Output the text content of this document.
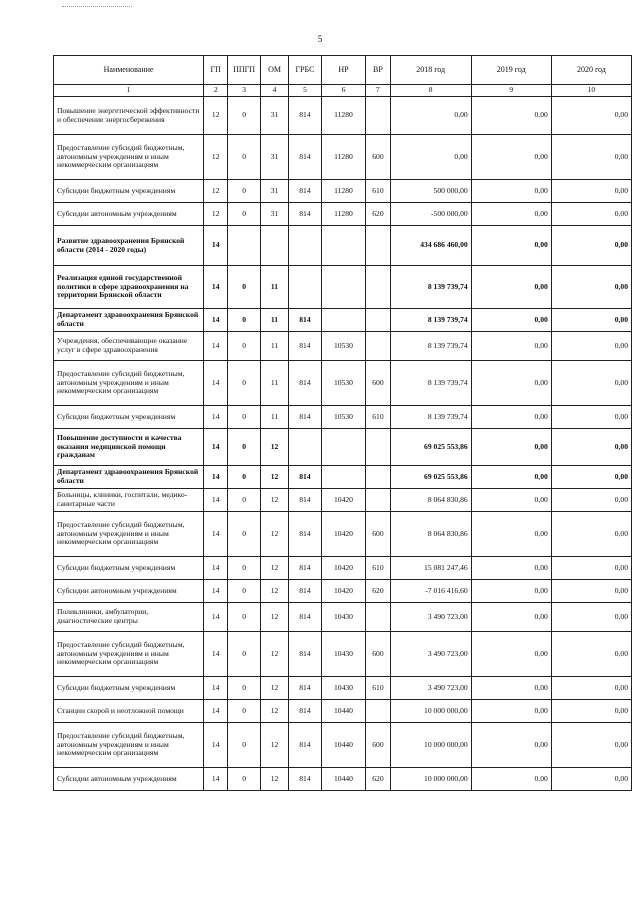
5
Наименование	ГП	ППГП	ОМ	ГРБС	НР	ВР	2018 год	2019 год	2020 год
1	2	3	4	5	6	7	8	9	10
Повышение энергетической эффективности и обеспечение энергосбережения	12	0	31	814	11280		0,00	0,00	0,00
Предоставление субсидий бюджетным, автономным учреждениям и иным некоммерческим организациям	12	0	31	814	11280	600	0,00	0,00	0,00
Субсидии бюджетным учреждениям	12	0	31	814	11280	610	500 000,00	0,00	0,00
Субсидии автономным учреждениям	12	0	31	814	11280	620	-500 000,00	0,00	0,00
Развитие здравоохранения Брянской области (2014 - 2020 годы)	14						434 686 460,00	0,00	0,00
Реализация единой государственной политики в сфере здравоохранения на территории Брянской области	14	0	11				8 139 739,74	0,00	0,00
Департамент здравоохранения Брянской области	14	0	11	814			8 139 739,74	0,00	0,00
Учреждения, обеспечивающие оказание услуг в сфере здравоохранения	14	0	11	814	10530		8 139 739,74	0,00	0,00
Предоставление субсидий бюджетным, автономным учреждениям и иным некоммерческим организациям	14	0	11	814	10530	600	8 139 739,74	0,00	0,00
Субсидии бюджетным учреждениям	14	0	11	814	10530	610	8 139 739,74	0,00	0,00
Повышение доступности и качества оказания медицинской помощи гражданам	14	0	12				69 025 553,86	0,00	0,00
Департамент здравоохранения Брянской области	14	0	12	814			69 025 553,86	0,00	0,00
Больницы, клиники, госпитали, медико-санитарные части	14	0	12	814	10420		8 064 830,86	0,00	0,00
Предоставление субсидий бюджетным, автономным учреждениям и иным некоммерческим организациям	14	0	12	814	10420	600	8 064 830,86	0,00	0,00
Субсидии бюджетным учреждениям	14	0	12	814	10420	610	15 081 247,46	0,00	0,00
Субсидии автономным учреждениям	14	0	12	814	10420	620	-7 016 416,60	0,00	0,00
Поликлиники, амбулатории, диагностические центры	14	0	12	814	10430		3 490 723,00	0,00	0,00
Предоставление субсидий бюджетным, автономным учреждениям и иным некоммерческим организациям	14	0	12	814	10430	600	3 490 723,00	0,00	0,00
Субсидии бюджетным учреждениям	14	0	12	814	10430	610	3 490 723,00	0,00	0,00
Станции скорой и неотложной помощи	14	0	12	814	10440		10 000 000,00	0,00	0,00
Предоставление субсидий бюджетным, автономным учреждениям и иным некоммерческим организациям	14	0	12	814	10440	600	10 000 000,00	0,00	0,00
Субсидии автономным учреждениям	14	0	12	814	10440	620	10 000 000,00	0,00	0,00
